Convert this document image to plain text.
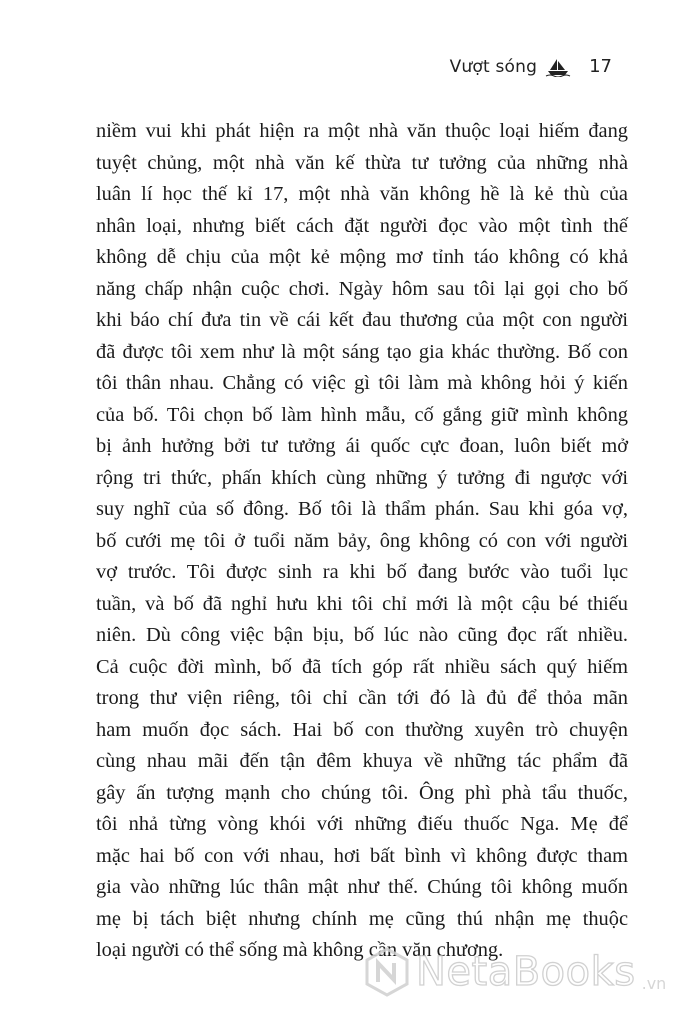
Vượt sóng	17
niềm vui khi phát hiện ra một nhà văn thuộc loại hiếm đang
tuyệt chủng, một nhà văn kế thừa tư tưởng của những nhà
luân lí học thế kỉ 17, một nhà văn không hề là kẻ thù của
nhân loại, nhưng biết cách đặt người đọc vào một tình thế
không dễ chịu của một kẻ mộng mơ tỉnh táo không có khả
năng chấp nhận cuộc chơi. Ngày hôm sau tôi lại gọi cho bố
khi báo chí đưa tin về cái kết đau thương của một con người
đã được tôi xem như là một sáng tạo gia khác thường. Bố con
tôi thân nhau. Chẳng có việc gì tôi làm mà không hỏi ý kiến
của bố. Tôi chọn bố làm hình mẫu, cố gắng giữ mình không
bị ảnh hưởng bởi tư tưởng ái quốc cực đoan, luôn biết mở
rộng tri thức, phấn khích cùng những ý tưởng đi ngược với
suy nghĩ của số đông. Bố tôi là thẩm phán. Sau khi góa vợ,
bố cưới mẹ tôi ở tuổi năm bảy, ông không có con với người
vợ trước. Tôi được sinh ra khi bố đang bước vào tuổi lục
tuần, và bố đã nghỉ hưu khi tôi chỉ mới là một cậu bé thiếu
niên. Dù công việc bận bịu, bố lúc nào cũng đọc rất nhiều.
Cả cuộc đời mình, bố đã tích góp rất nhiều sách quý hiếm
trong thư viện riêng, tôi chỉ cần tới đó là đủ để thỏa mãn
ham muốn đọc sách. Hai bố con thường xuyên trò chuyện
cùng nhau mãi đến tận đêm khuya về những tác phẩm đã
gây ấn tượng mạnh cho chúng tôi. Ông phì phà tẩu thuốc,
tôi nhả từng vòng khói với những điếu thuốc Nga. Mẹ để
mặc hai bố con với nhau, hơi bất bình vì không được tham
gia vào những lúc thân mật như thế. Chúng tôi không muốn
mẹ bị tách biệt nhưng chính mẹ cũng thú nhận mẹ thuộc
loại người có thể sống mà không cần văn chương.
NetaBooks .vn
